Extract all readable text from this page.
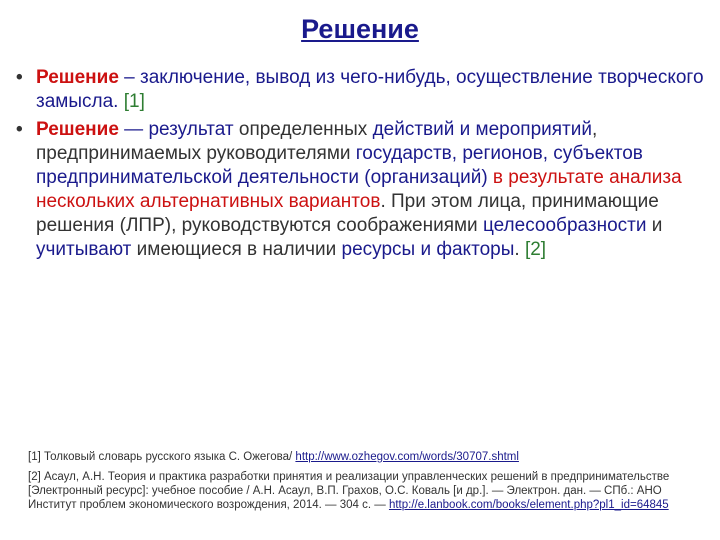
Решение
• Решение – заключение, вывод из чего-нибудь, осуществление творческого замысла. [1]
• Решение — результат определенных действий и мероприятий, предпринимаемых руководителями государств, регионов, субъектов предпринимательской деятельности (организаций) в результате анализа нескольких альтернативных вариантов. При этом лица, принимающие решения (ЛПР), руководствуются соображениями целесообразности и учитывают имеющиеся в наличии ресурсы и факторы. [2]
[1] Толковый словарь русского языка С. Ожегова/ http://www.ozhegov.com/words/30707.shtml
[2] Асаул, А.Н. Теория и практика разработки принятия и реализации управленческих решений в предпринимательстве [Электронный ресурс]: учебное пособие / А.Н. Асаул, В.П. Грахов, О.С. Коваль [и др.]. — Электрон. дан. — СПб.: АНО Институт проблем экономического возрождения, 2014. — 304 с. — http://e.lanbook.com/books/element.php?pl1_id=64845
